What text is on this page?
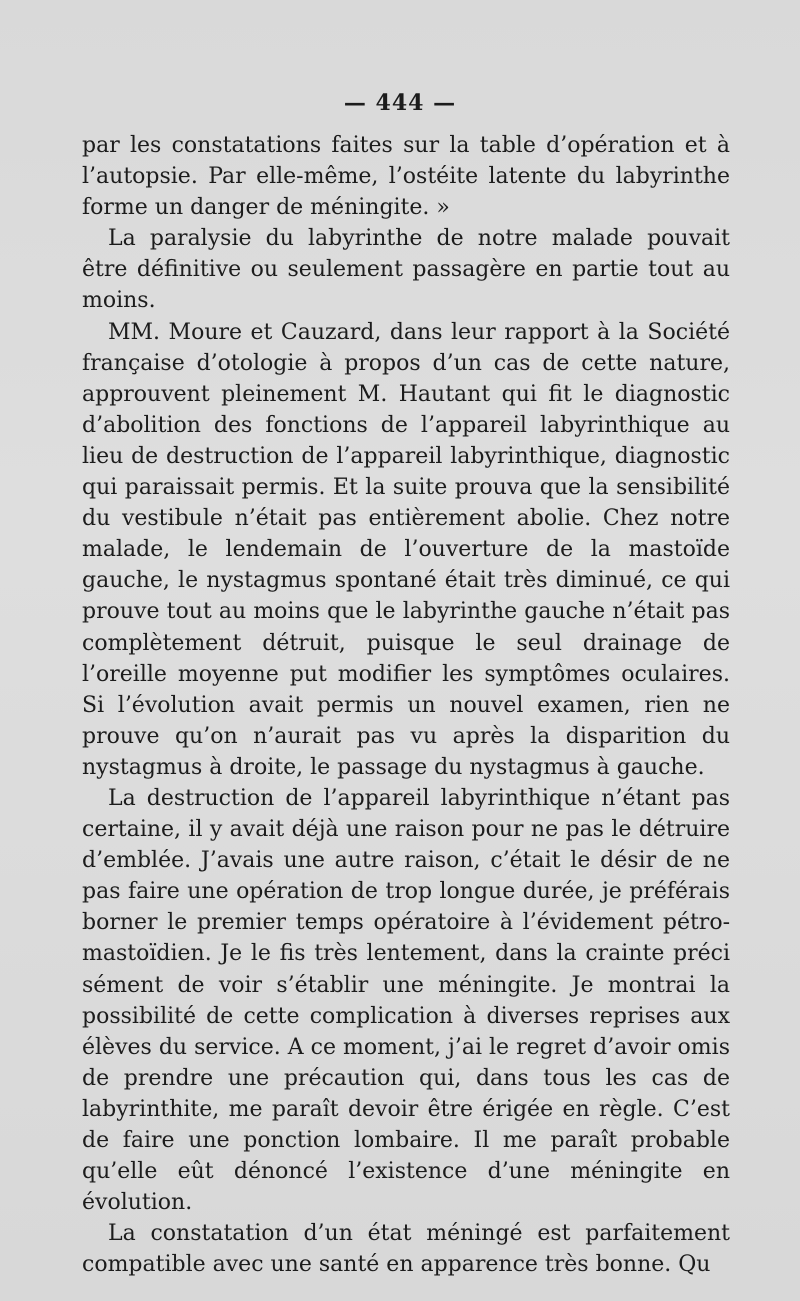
— 444 —

par les constatations faites sur la table d’opération et à l’autopsie. Par elle-même, l’ostéite latente du labyrinthe forme un danger de méningite. »

La paralysie du labyrinthe de notre malade pouvait être définitive ou seulement passagère en partie tout au moins.

MM. Moure et Cauzard, dans leur rapport à la Société française d’otologie à propos d’un cas de cette nature, approuvent pleinement M. Hautant qui fit le diagnostic d’abolition des fonctions de l’appareil labyrinthique au lieu de destruction de l’appareil labyrinthique, diagnostic qui paraissait permis. Et la suite prouva que la sensibilité du vestibule n’était pas entièrement abolie. Chez notre malade, le lendemain de l’ouverture de la mastoïde gauche, le nystagmus spontané était très diminué, ce qui prouve tout au moins que le labyrinthe gauche n’était pas complètement détruit, puisque le seul drainage de l’oreille moyenne put modifier les symptômes oculaires. Si l’évolution avait permis un nouvel examen, rien ne prouve qu’on n’aurait pas vu après la disparition du nystagmus à droite, le passage du nystagmus à gauche.

La destruction de l’appareil labyrinthique n’étant pas certaine, il y avait déjà une raison pour ne pas le détruire d’emblée. J’avais une autre raison, c’était le désir de ne pas faire une opération de trop longue durée, je préférais borner le premier temps opératoire à l’évidement pétro-mastoïdien. Je le fis très lentement, dans la crainte préci sément de voir s’établir une méningite. Je montrai la possibilité de cette complication à diverses reprises aux élèves du service. A ce moment, j’ai le regret d’avoir omis de prendre une précaution qui, dans tous les cas de labyrinthite, me paraît devoir être érigée en règle. C’est de faire une ponction lombaire. Il me paraît probable qu’elle eût dénoncé l’existence d’une méningite en évolution.

La constatation d’un état méningé est parfaitement compatible avec une santé en apparence très bonne. Qu
